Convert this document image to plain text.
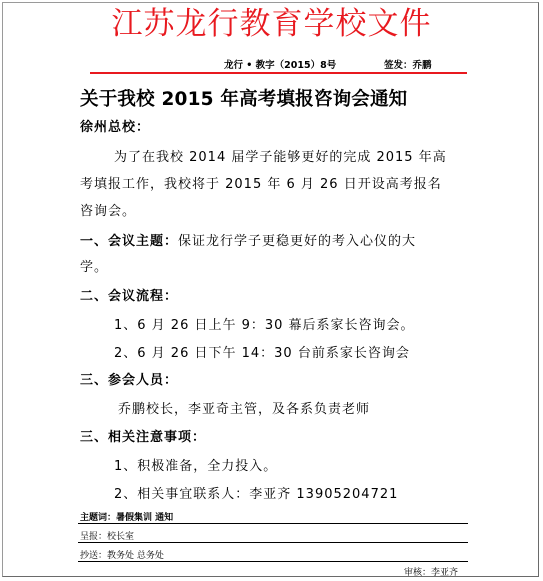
江苏龙行教育学校文件
龙行 • 教字（2015）8号	签发：乔鹏
关于我校 2015 年高考填报咨询会通知
徐州总校：
为了在我校 2014 届学子能够更好的完成 2015 年高
考填报工作，我校将于 2015 年 6 月 26 日开设高考报名
咨询会。
一、会议主题：保证龙行学子更稳更好的考入心仪的大
学。
二、会议流程：
1、6 月 26 日上午 9：30 幕后系家长咨询会。
2、6 月 26 日下午 14：30 台前系家长咨询会
三、参会人员：
乔鹏校长，李亚奇主管，及各系负责老师
三、相关注意事项：
1、积极准备，全力投入。
2、相关事宜联系人：李亚齐 13905204721
主题词：暑假集训 通知
呈报：校长室
抄送：教务处 总务处
审核：李亚齐
